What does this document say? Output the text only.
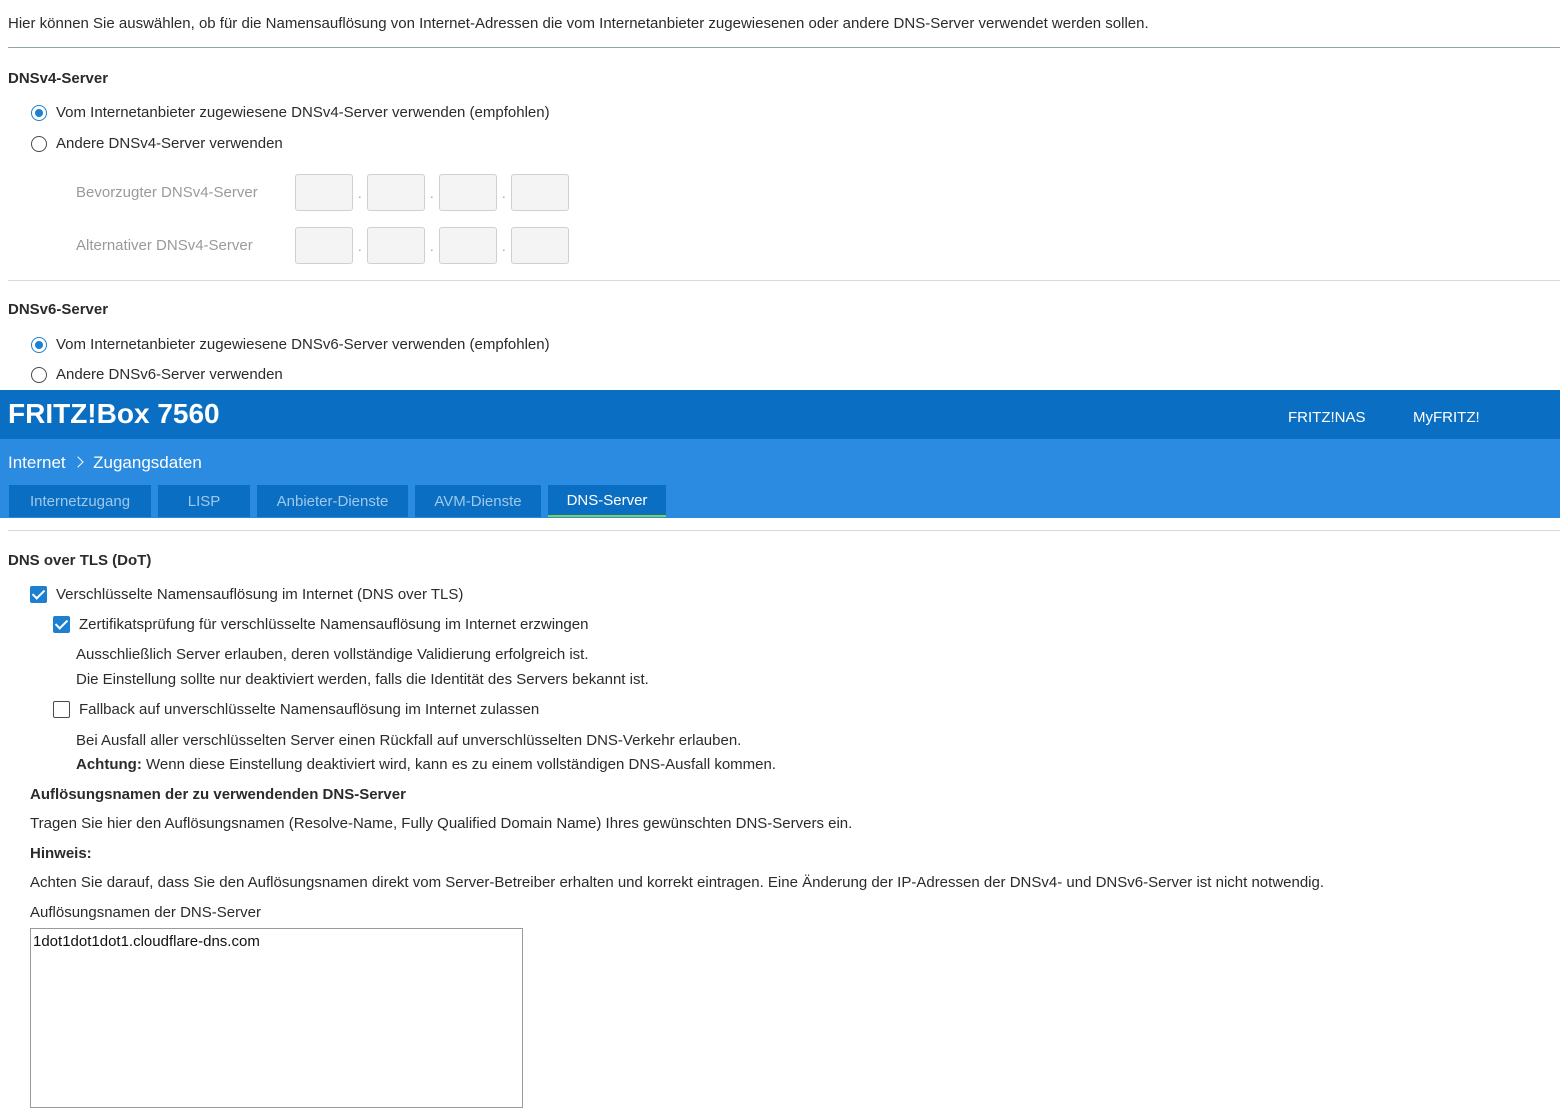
Hier können Sie auswählen, ob für die Namensauflösung von Internet-Adressen die vom Internetanbieter zugewiesenen oder andere DNS-Server verwendet werden sollen.
DNSv4-Server
Vom Internetanbieter zugewiesene DNSv4-Server verwenden (empfohlen)
Andere DNSv4-Server verwenden
Bevorzugter DNSv4-Server	.	.	.
Alternativer DNSv4-Server	.	.	.
DNSv6-Server
Vom Internetanbieter zugewiesene DNSv6-Server verwenden (empfohlen)
Andere DNSv6-Server verwenden
FRITZ!Box 7560	FRITZ!NAS	MyFRITZ!
Internet Zugangsdaten
Internetzugang	LISP	Anbieter-Dienste	AVM-Dienste	DNS-Server
DNS over TLS (DoT)
Verschlüsselte Namensauflösung im Internet (DNS over TLS)
Zertifikatsprüfung für verschlüsselte Namensauflösung im Internet erzwingen
Ausschließlich Server erlauben, deren vollständige Validierung erfolgreich ist.
Die Einstellung sollte nur deaktiviert werden, falls die Identität des Servers bekannt ist.
Fallback auf unverschlüsselte Namensauflösung im Internet zulassen
Bei Ausfall aller verschlüsselten Server einen Rückfall auf unverschlüsselten DNS-Verkehr erlauben.
Achtung: Wenn diese Einstellung deaktiviert wird, kann es zu einem vollständigen DNS-Ausfall kommen.
Auflösungsnamen der zu verwendenden DNS-Server
Tragen Sie hier den Auflösungsnamen (Resolve-Name, Fully Qualified Domain Name) Ihres gewünschten DNS-Servers ein.
Hinweis:
Achten Sie darauf, dass Sie den Auflösungsnamen direkt vom Server-Betreiber erhalten und korrekt eintragen. Eine Änderung der IP-Adressen der DNSv4- und DNSv6-Server ist nicht notwendig.
Auflösungsnamen der DNS-Server
1dot1dot1dot1.cloudflare-dns.com
